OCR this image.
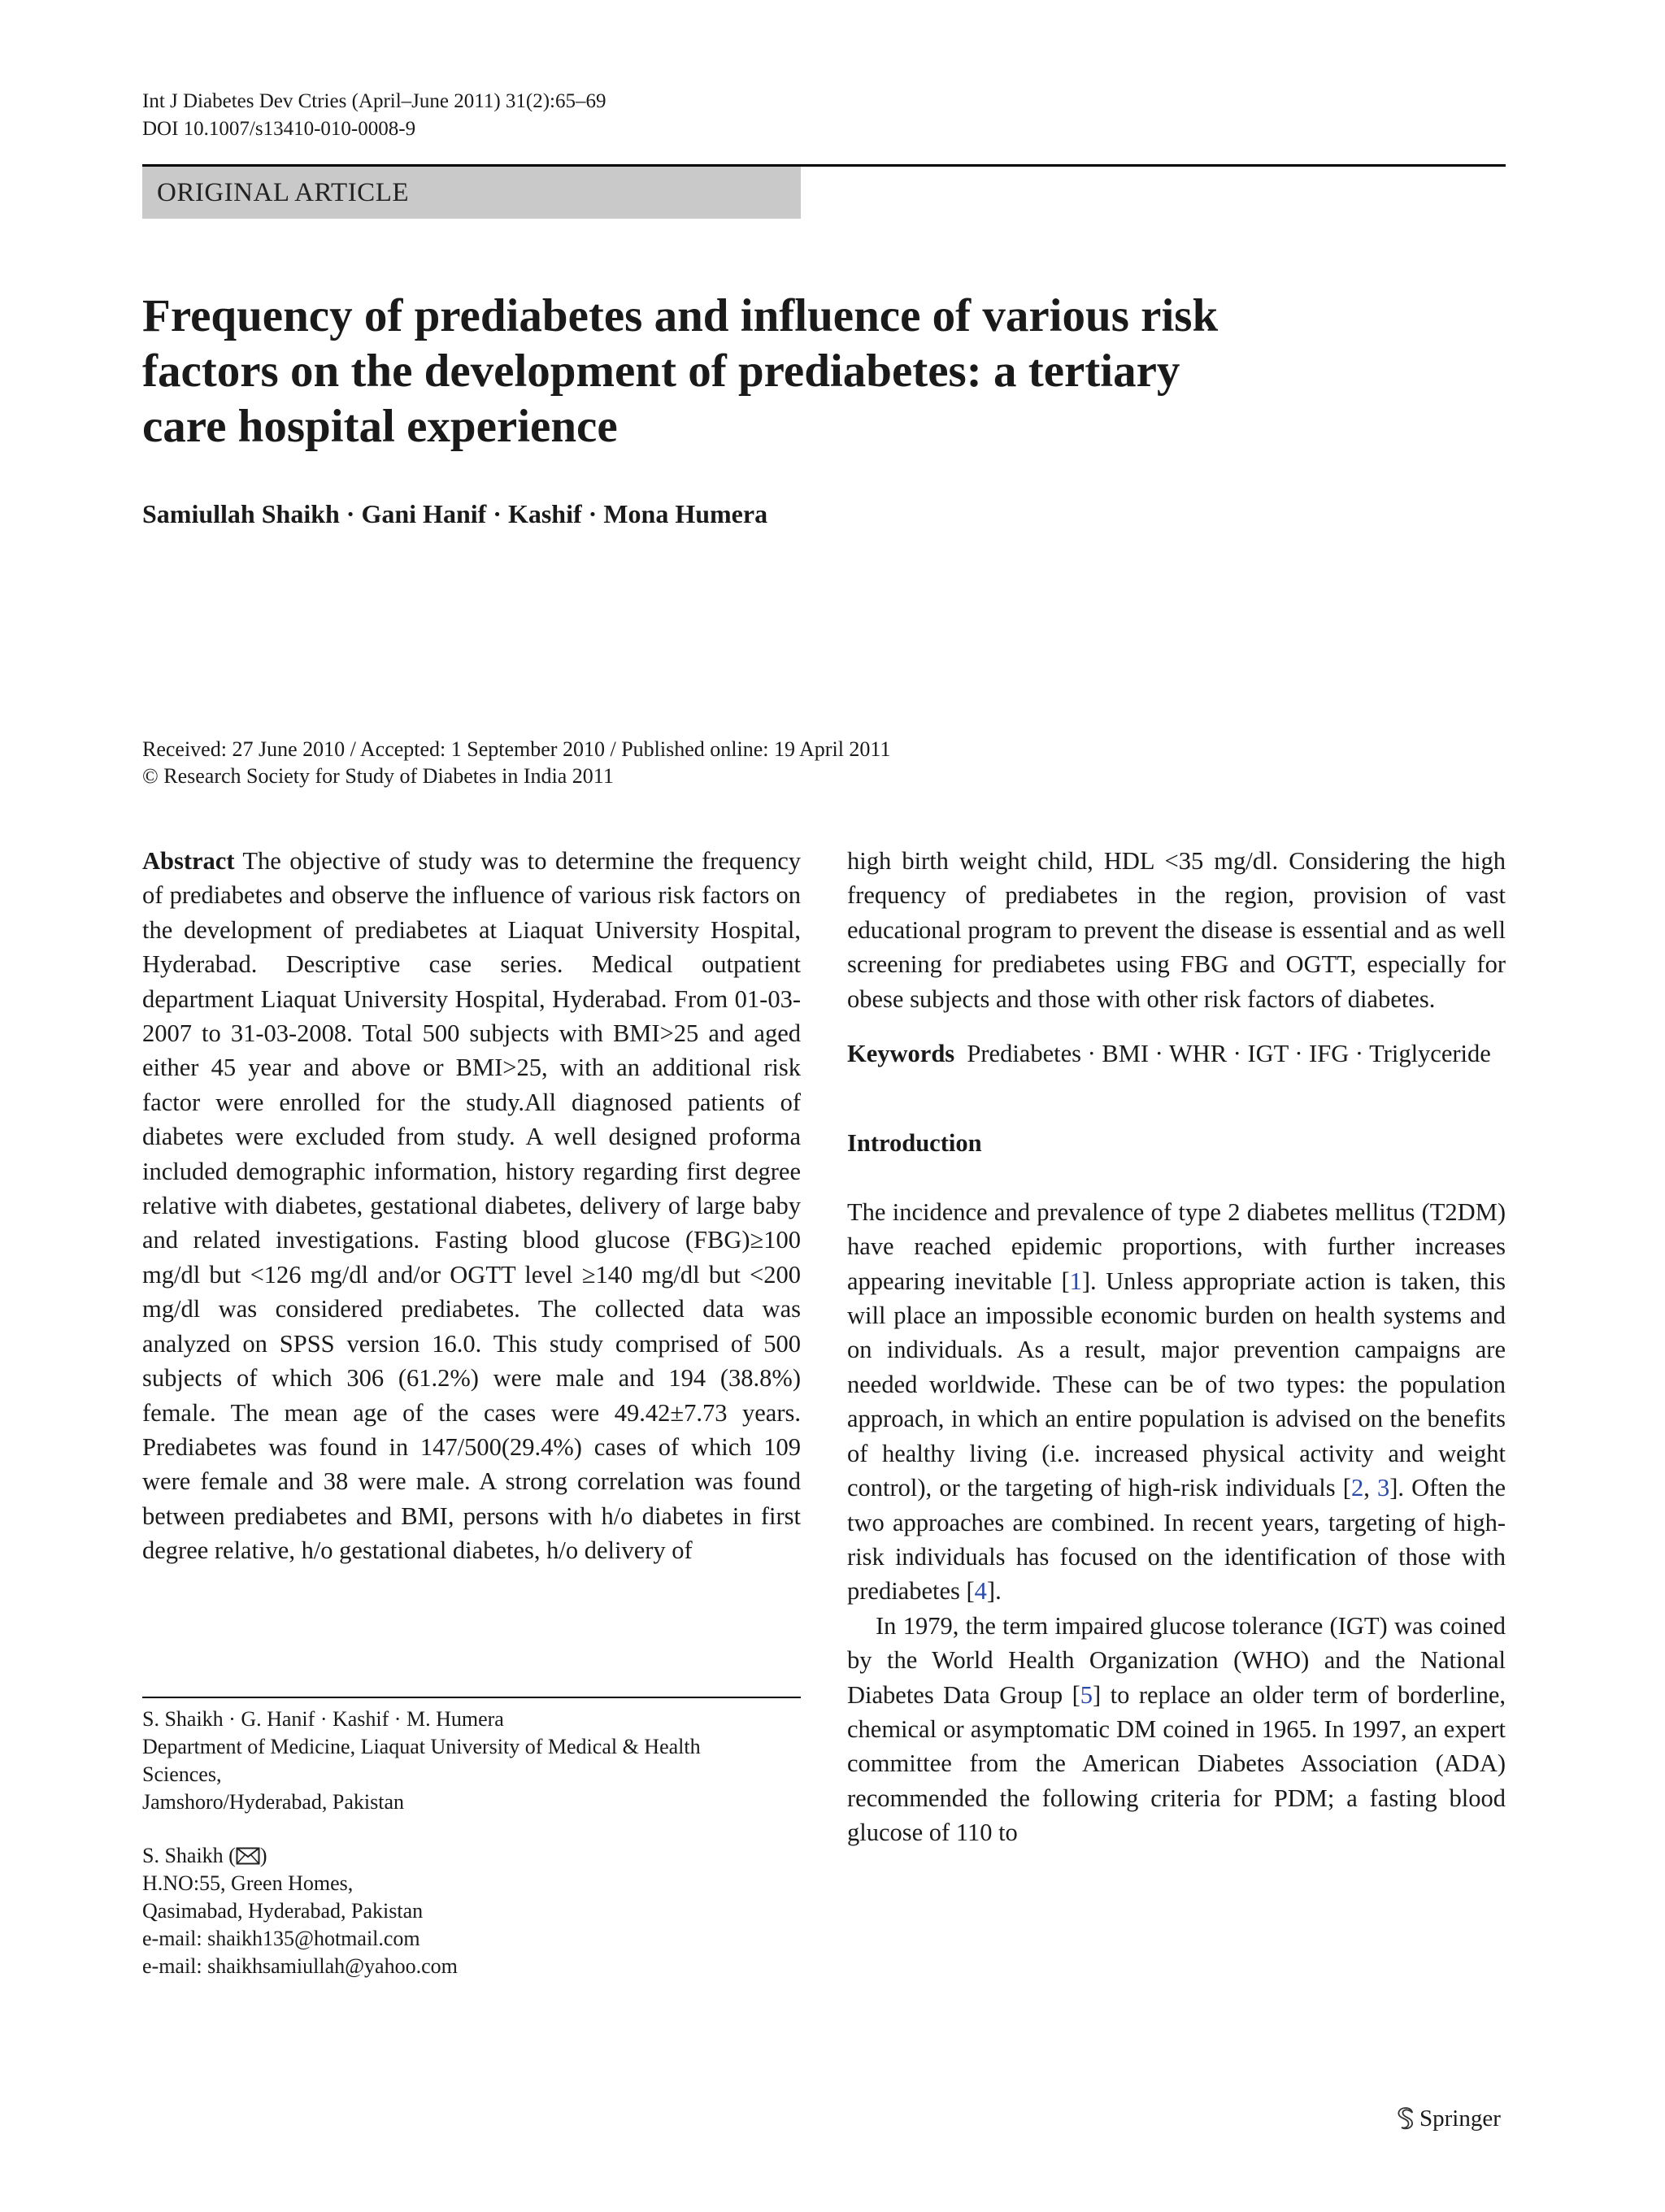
Int J Diabetes Dev Ctries (April–June 2011) 31(2):65–69
DOI 10.1007/s13410-010-0008-9
ORIGINAL ARTICLE
Frequency of prediabetes and influence of various risk
factors on the development of prediabetes: a tertiary
care hospital experience
Samiullah Shaikh · Gani Hanif · Kashif · Mona Humera
Received: 27 June 2010 / Accepted: 1 September 2010 / Published online: 19 April 2011
© Research Society for Study of Diabetes in India 2011

Abstract The objective of study was to determine the frequency of prediabetes and observe the influence of various risk factors on the development of prediabetes at Liaquat University Hospital, Hyderabad. Descriptive case series. Medical outpatient department Liaquat University Hospital, Hyderabad. From 01-03-2007 to 31-03-2008. Total 500 subjects with BMI>25 and aged either 45 year and above or BMI>25, with an additional risk factor were enrolled for the study.All diagnosed patients of diabetes were excluded from study. A well designed proforma included demographic information, history regarding first degree relative with diabetes, gestational diabetes, delivery of large baby and related investigations. Fasting blood glucose (FBG)≥100 mg/dl but <126 mg/dl and/or OGTT level ≥140 mg/dl but <200 mg/dl was considered prediabetes. The collected data was analyzed on SPSS version 16.0. This study comprised of 500 subjects of which 306 (61.2%) were male and 194 (38.8%) female. The mean age of the cases were 49.42±7.73 years. Prediabetes was found in 147/500(29.4%) cases of which 109 were female and 38 were male. A strong correlation was found between prediabetes and BMI, persons with h/o diabetes in first degree relative, h/o gestational diabetes, h/o delivery of

high birth weight child, HDL <35 mg/dl. Considering the high frequency of prediabetes in the region, provision of vast educational program to prevent the disease is essential and as well screening for prediabetes using FBG and OGTT, especially for obese subjects and those with other risk factors of diabetes.

Keywords Prediabetes · BMI · WHR · IGT · IFG · Triglyceride

Introduction

The incidence and prevalence of type 2 diabetes mellitus (T2DM) have reached epidemic proportions, with further increases appearing inevitable [1]. Unless appropriate action is taken, this will place an impossible economic burden on health systems and on individuals. As a result, major prevention campaigns are needed worldwide. These can be of two types: the population approach, in which an entire population is advised on the benefits of healthy living (i.e. increased physical activity and weight control), or the targeting of high-risk individuals [2, 3]. Often the two approaches are combined. In recent years, targeting of high-risk individuals has focused on the identification of those with prediabetes [4].

In 1979, the term impaired glucose tolerance (IGT) was coined by the World Health Organization (WHO) and the National Diabetes Data Group [5] to replace an older term of borderline, chemical or asymptomatic DM coined in 1965. In 1997, an expert committee from the American Diabetes Association (ADA) recommended the following criteria for PDM; a fasting blood glucose of 110 to

S. Shaikh · G. Hanif · Kashif · M. Humera

Department of Medicine, Liaquat University of Medical & Health

Sciences,

Jamshoro/Hyderabad, Pakistan

S. Shaikh ( )

H.NO:55, Green Homes,

Qasimabad, Hyderabad, Pakistan

e-mail: shaikh135@hotmail.com

e-mail: shaikhsamiullah@yahoo.com

Springer
